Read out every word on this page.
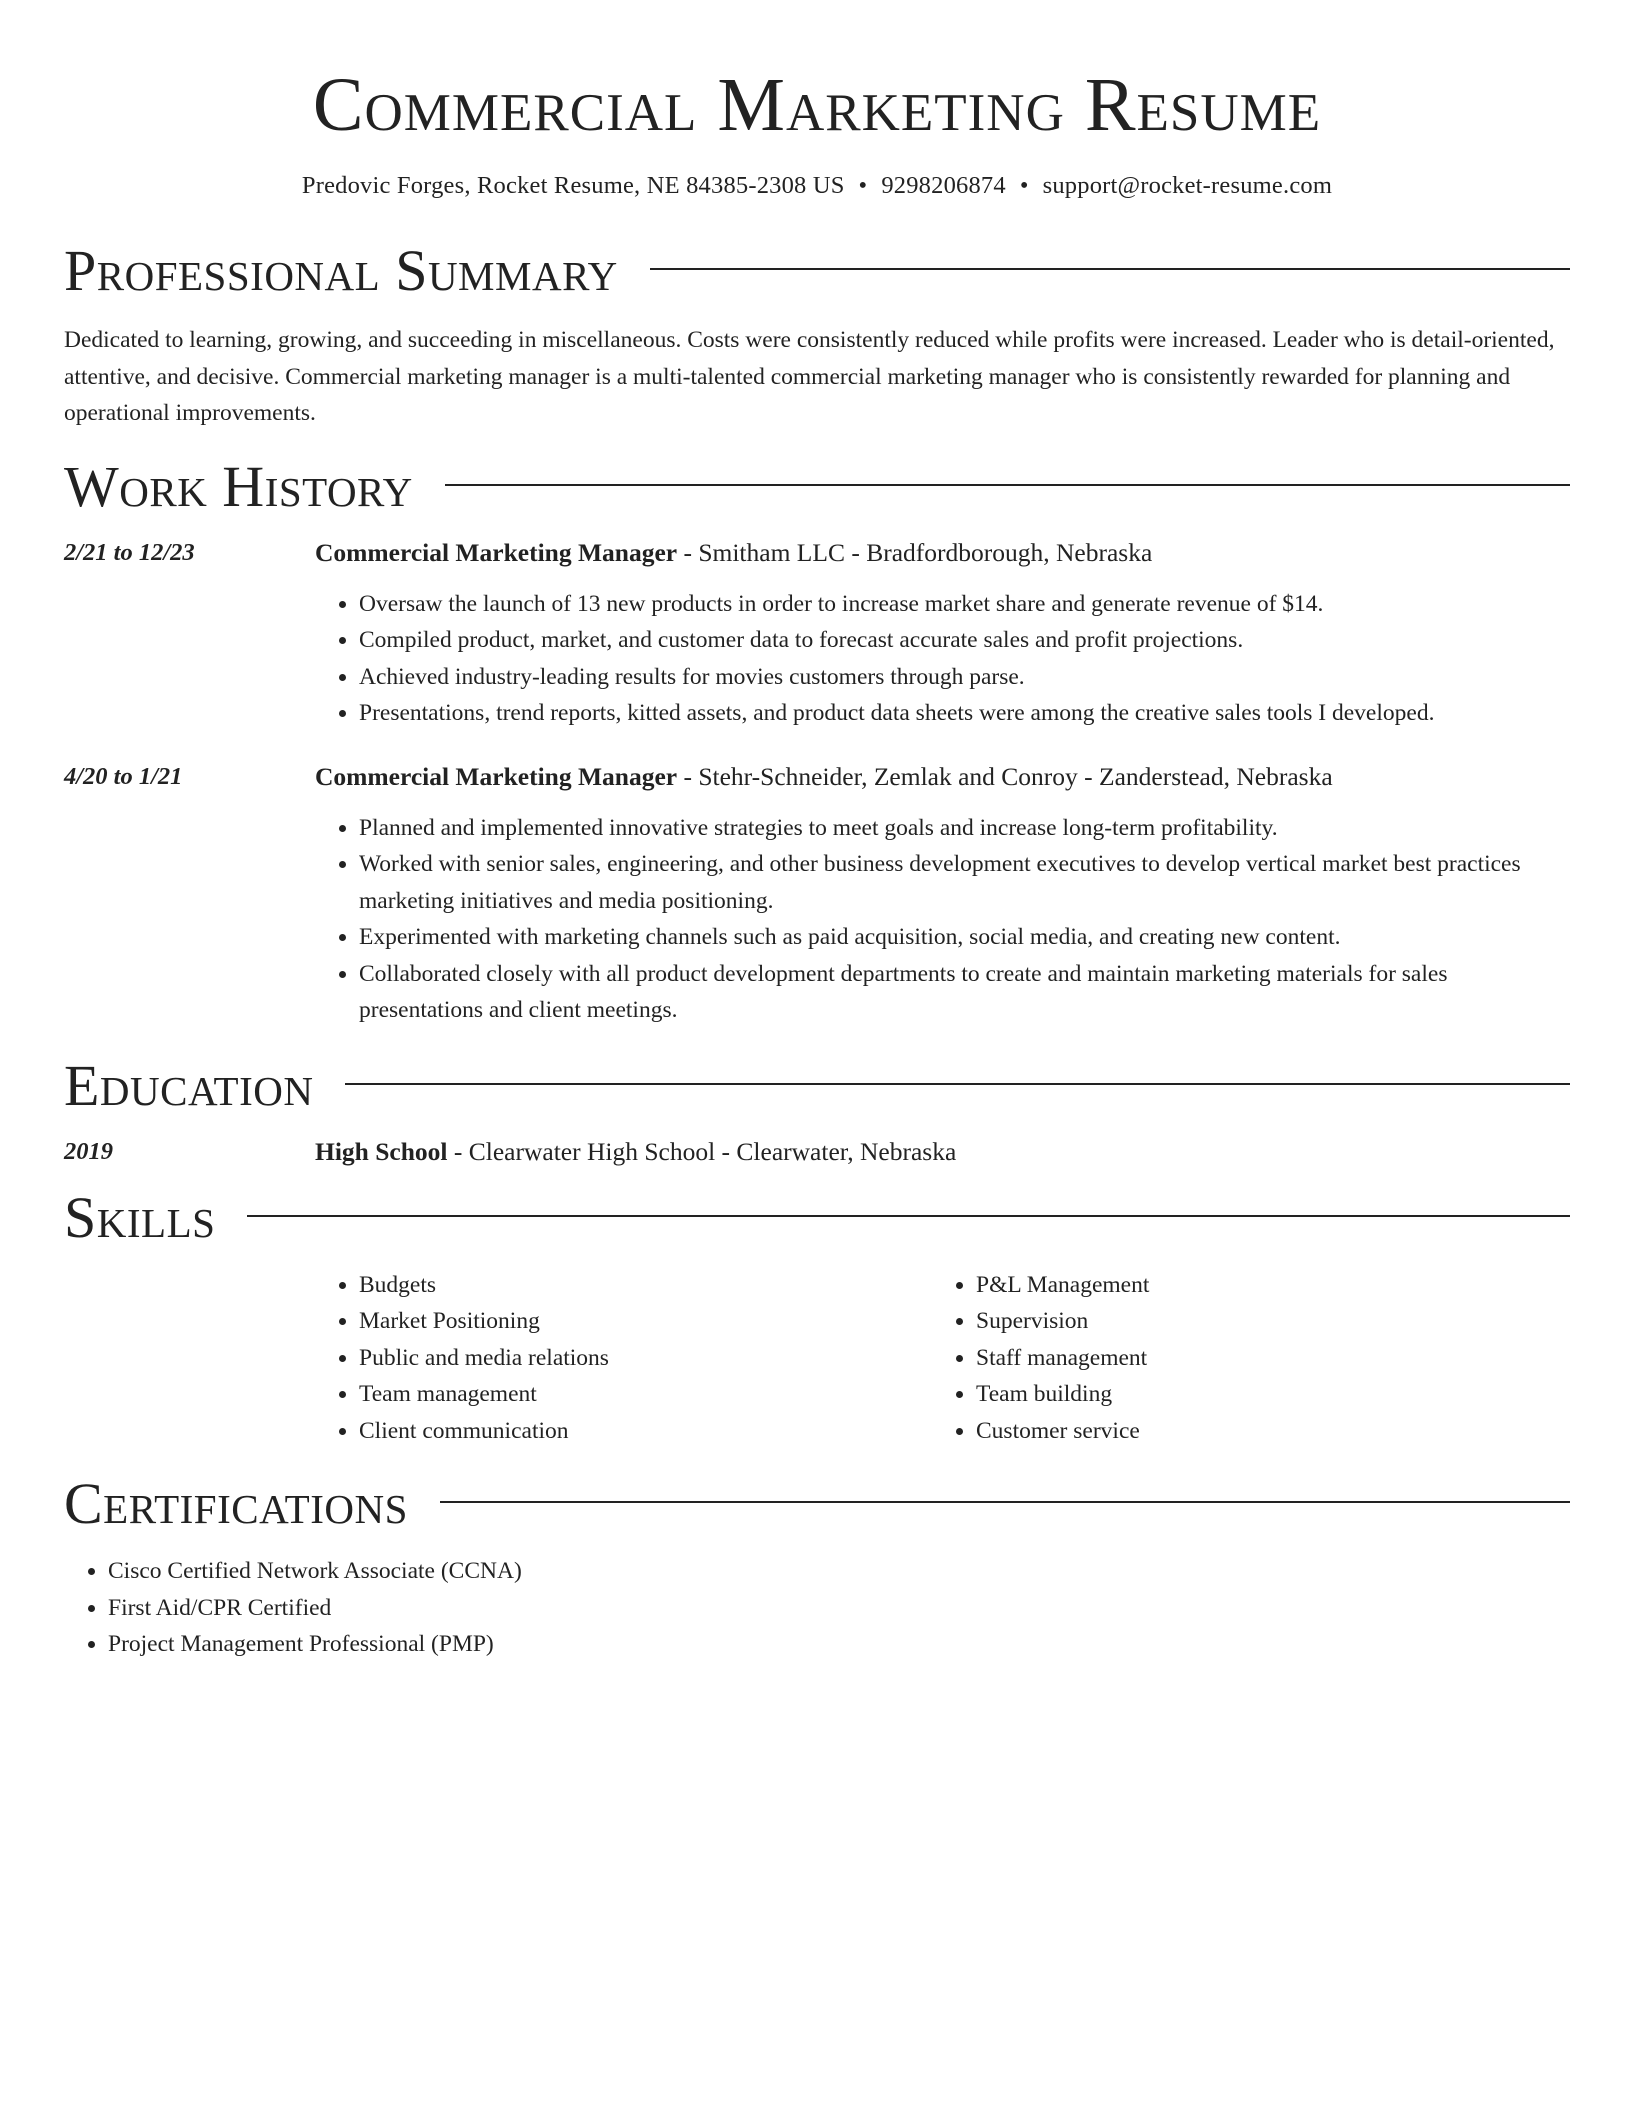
Commercial Marketing Resume
Predovic Forges, Rocket Resume, NE 84385-2308 US • 9298206874 • support@rocket-resume.com
Professional Summary

Dedicated to learning, growing, and succeeding in miscellaneous. Costs were consistently reduced while profits were increased. Leader who is detail-oriented, attentive, and decisive. Commercial marketing manager is a multi-talented commercial marketing manager who is consistently rewarded for planning and operational improvements.

Work History
2/21 to 12/23	Commercial Marketing Manager - Smitham LLC - Bradfordborough, Nebraska
• Oversaw the launch of 13 new products in order to increase market share and generate revenue of $14.
• Compiled product, market, and customer data to forecast accurate sales and profit projections.
• Achieved industry-leading results for movies customers through parse.
• Presentations, trend reports, kitted assets, and product data sheets were among the creative sales tools I developed.
4/20 to 1/21	Commercial Marketing Manager - Stehr-Schneider, Zemlak and Conroy - Zanderstead, Nebraska
• Planned and implemented innovative strategies to meet goals and increase long-term profitability.
• Worked with senior sales, engineering, and other business development executives to develop vertical market best practices marketing initiatives and media positioning.
• Experimented with marketing channels such as paid acquisition, social media, and creating new content.
• Collaborated closely with all product development departments to create and maintain marketing materials for sales presentations and client meetings.
Education
2019	High School - Clearwater High School - Clearwater, Nebraska
Skills
• Budgets
• Market Positioning
• Public and media relations
• Team management
• Client communication
• P&L Management
• Supervision
• Staff management
• Team building
• Customer service
Certifications
• Cisco Certified Network Associate (CCNA)
• First Aid/CPR Certified
• Project Management Professional (PMP)
